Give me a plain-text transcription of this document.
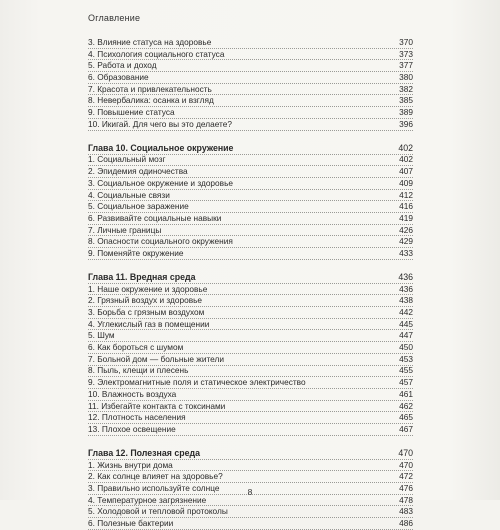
Оглавление
3. Влияние статуса на здоровье	370
4. Психология социального статуса	373
5. Работа и доход	377
6. Образование	380
7. Красота и привлекательность	382
8. Невербалика: осанка и взгляд	385
9. Повышение статуса	389
10. Икигай. Для чего вы это делаете?	396
Глава 10. Социальное окружение	402
1. Социальный мозг	402
2. Эпидемия одиночества	407
3. Социальное окружение и здоровье	409
4. Социальные связи	412
5. Социальное заражение	416
6. Развивайте социальные навыки	419
7. Личные границы	426
8. Опасности социального окружения	429
9. Поменяйте окружение	433
Глава 11. Вредная среда	436
1. Наше окружение и здоровье	436
2. Грязный воздух и здоровье	438
3. Борьба с грязным воздухом	442
4. Углекислый газ в помещении	445
5. Шум	447
6. Как бороться с шумом	450
7. Больной дом — больные жители	453
8. Пыль, клещи и плесень	455
9. Электромагнитные поля и статическое электричество	457
10. Влажность воздуха	461
11. Избегайте контакта с токсинами	462
12. Плотность населения	465
13. Плохое освещение	467
Глава 12. Полезная среда	470
1. Жизнь внутри дома	470
2. Как солнце влияет на здоровье?	472
3. Правильно используйте солнце	476
4. Температурное загрязнение	478
5. Холодовой и тепловой протоколы	483
6. Полезные бактерии	486
8
